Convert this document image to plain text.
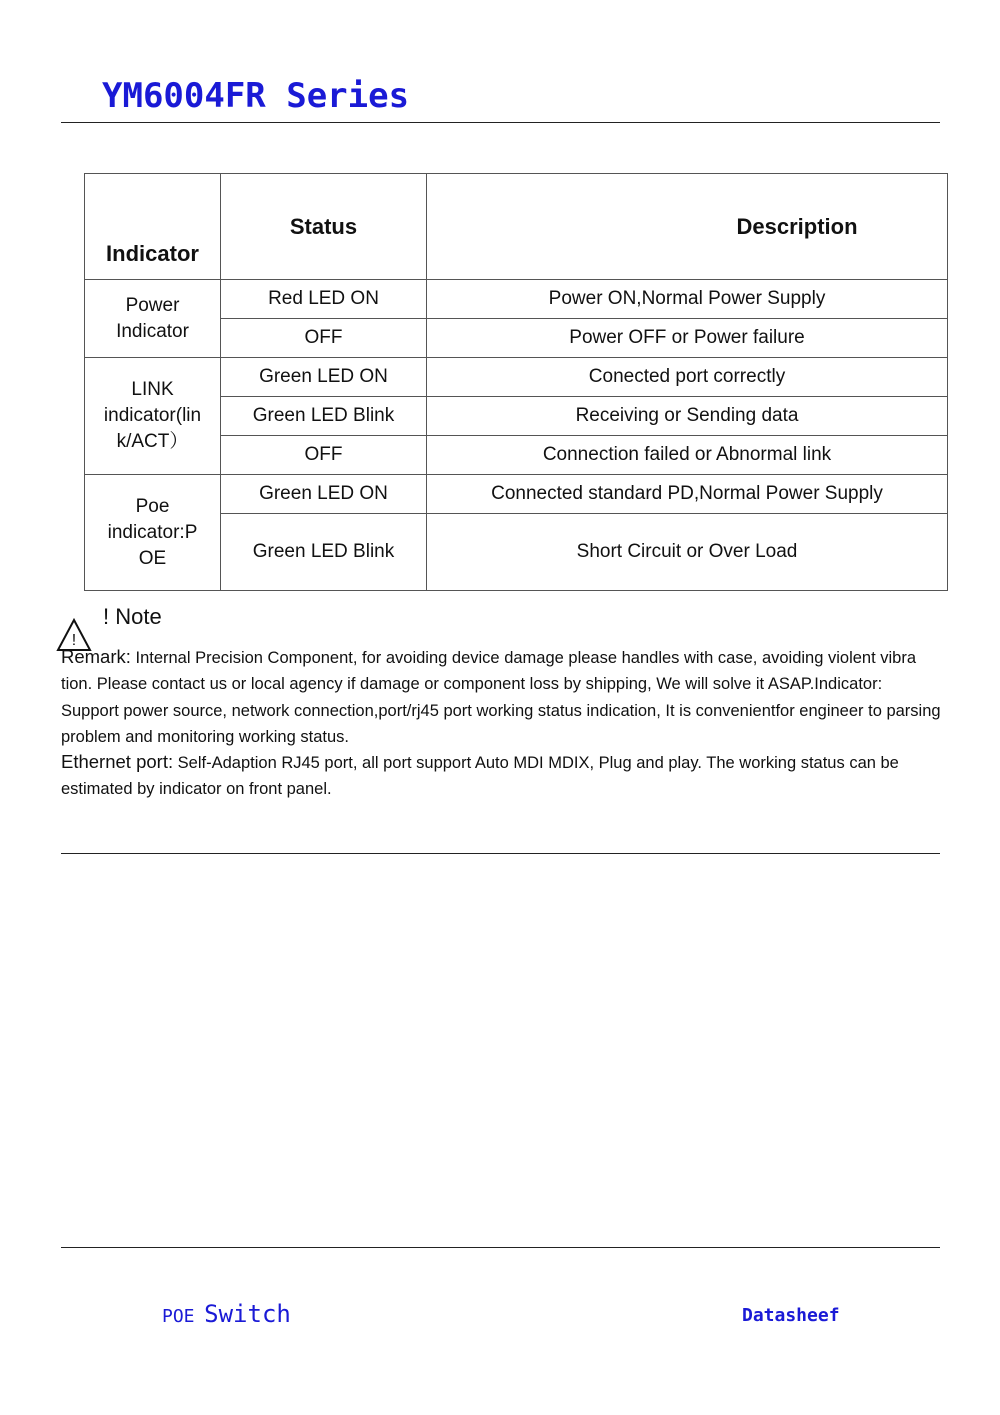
YM6004FR Series
Indicator	Status	Description
Power
Indicator	Red LED ON	Power ON,Normal Power Supply
	OFF	Power OFF or Power failure
LINK
indicator(lin
k/ACT）	Green LED ON	Conected port correctly
	Green LED Blink	Receiving or Sending data
	OFF	Connection failed or Abnormal link
Poe
indicator:P
OE	Green LED ON	Connected standard PD,Normal Power Supply
	Green LED Blink	Short Circuit or Over Load
!
! Note
Remark: Internal Precision Component, for avoiding device damage please handles with case, avoiding violent vibra tion. Please contact us or local agency if damage or component loss by shipping, We will solve it ASAP.Indicator: Support power source, network connection,port/rj45 port working status indication, It is convenientfor engineer to parsing problem and monitoring working status.
Ethernet port: Self-Adaption RJ45 port, all port support Auto MDI MDIX, Plug and play. The working status can be estimated by indicator on front panel.
POE Switch	Datasheef
